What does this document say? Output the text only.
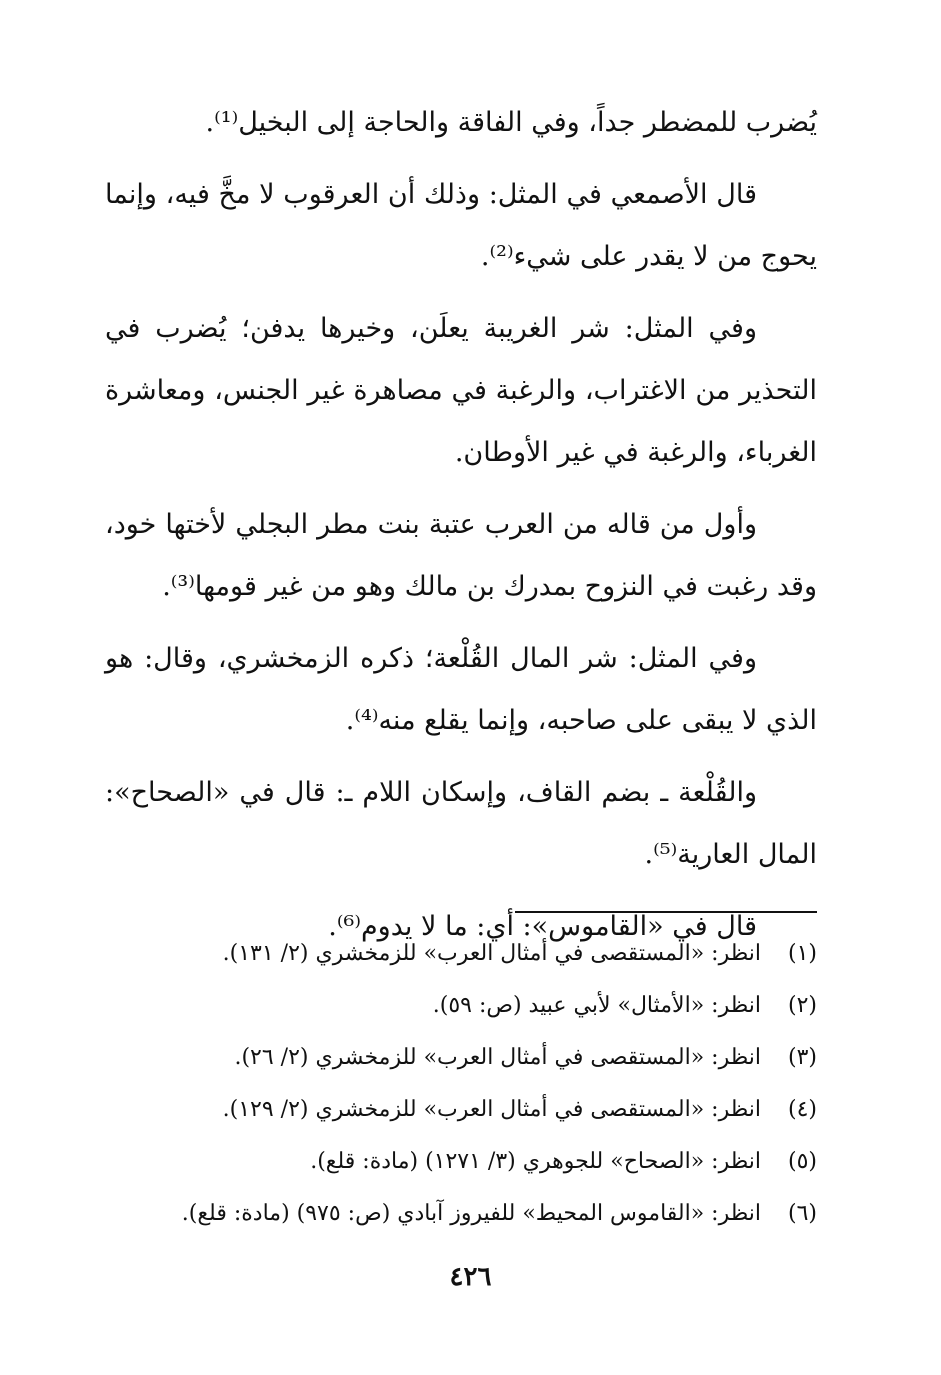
يُضرب للمضطر جداً، وفي الفاقة والحاجة إلى البخيل⁽¹⁾.

قال الأصمعي في المثل: وذلك أن العرقوب لا مخَّ فيه، وإنما يحوج من لا يقدر على شيء⁽²⁾.

وفي المثل: شر الغريبة يعلَن، وخيرها يدفن؛ يُضرب في التحذير من الاغتراب، والرغبة في مصاهرة غير الجنس، ومعاشرة الغرباء، والرغبة في غير الأوطان.

وأول من قاله من العرب عتبة بنت مطر البجلي لأختها خود، وقد رغبت في النزوح بمدرك بن مالك وهو من غير قومها⁽³⁾.

وفي المثل: شر المال القُلْعة؛ ذكره الزمخشري، وقال: هو الذي لا يبقى على صاحبه، وإنما يقلع منه⁽⁴⁾.

والقُلْعة ـ بضم القاف، وإسكان اللام ـ: قال في «الصحاح»: المال العارية⁽⁵⁾.

قال في «القاموس»: أي: ما لا يدوم⁽⁶⁾.

(١)
انظر: «المستقصى في أمثال العرب» للزمخشري (٢/ ١٣١).
(٢)
انظر: «الأمثال» لأبي عبيد (ص: ٥٩).
(٣)
انظر: «المستقصى في أمثال العرب» للزمخشري (٢/ ٢٦).
(٤)
انظر: «المستقصى في أمثال العرب» للزمخشري (٢/ ١٢٩).
(٥)
انظر: «الصحاح» للجوهري (٣/ ١٢٧١) (مادة: قلع).
(٦)
انظر: «القاموس المحيط» للفيروز آبادي (ص: ٩٧٥) (مادة: قلع).
٤٢٦
